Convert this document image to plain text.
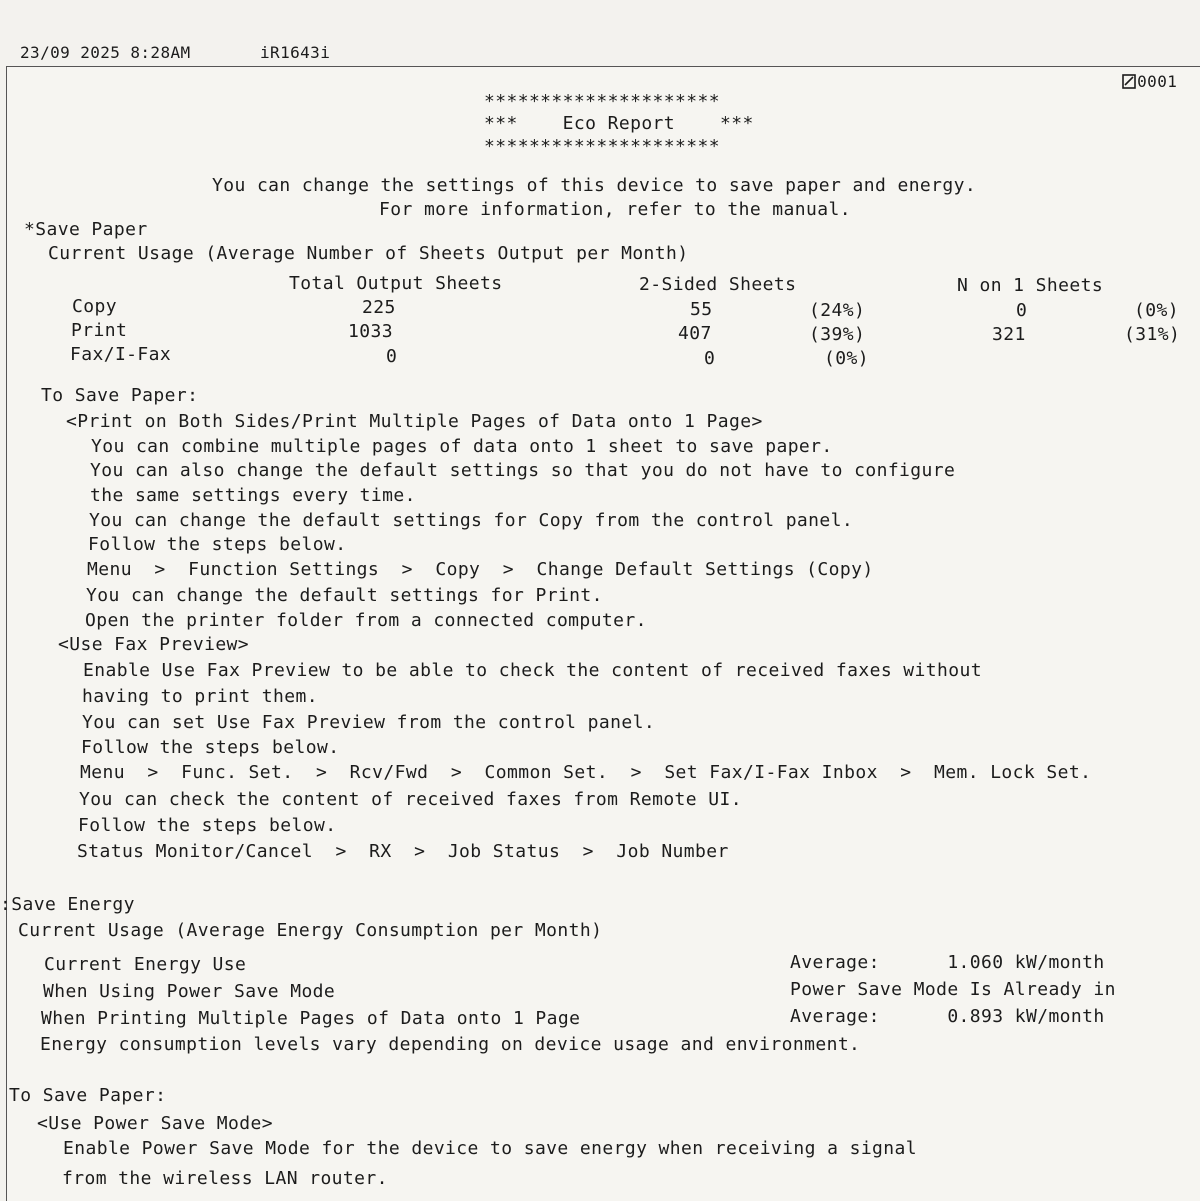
23/09 2025 8:28AM	iR1643i

0001

*********************
***    Eco Report    ***
*********************
You can change the settings of this device to save paper and energy.
For more information, refer to the manual.
*Save Paper
Current Usage (Average Number of Sheets Output per Month)
Total Output Sheets	2-Sided Sheets	N on 1 Sheets
Copy	225	55	(24%)	0	(0%)
Print	1033	407	(39%)	321	(31%)
Fax/I-Fax	0	0	(0%)
To Save Paper:
<Print on Both Sides/Print Multiple Pages of Data onto 1 Page>
You can combine multiple pages of data onto 1 sheet to save paper.
You can also change the default settings so that you do not have to configure
the same settings every time.
You can change the default settings for Copy from the control panel.
Follow the steps below.
Menu  >  Function Settings  >  Copy  >  Change Default Settings (Copy)
You can change the default settings for Print.
Open the printer folder from a connected computer.
<Use Fax Preview>
Enable Use Fax Preview to be able to check the content of received faxes without
having to print them.
You can set Use Fax Preview from the control panel.
Follow the steps below.
Menu  >  Func. Set.  >  Rcv/Fwd  >  Common Set.  >  Set Fax/I-Fax Inbox  >  Mem. Lock Set.
You can check the content of received faxes from Remote UI.
Follow the steps below.
Status Monitor/Cancel  >  RX  >  Job Status  >  Job Number
:Save Energy
Current Usage (Average Energy Consumption per Month)
Current Energy Use	Average:      1.060 kW/month
When Using Power Save Mode	Power Save Mode Is Already in
When Printing Multiple Pages of Data onto 1 Page	Average:      0.893 kW/month
Energy consumption levels vary depending on device usage and environment.
To Save Paper:
<Use Power Save Mode>
Enable Power Save Mode for the device to save energy when receiving a signal
from the wireless LAN router.
